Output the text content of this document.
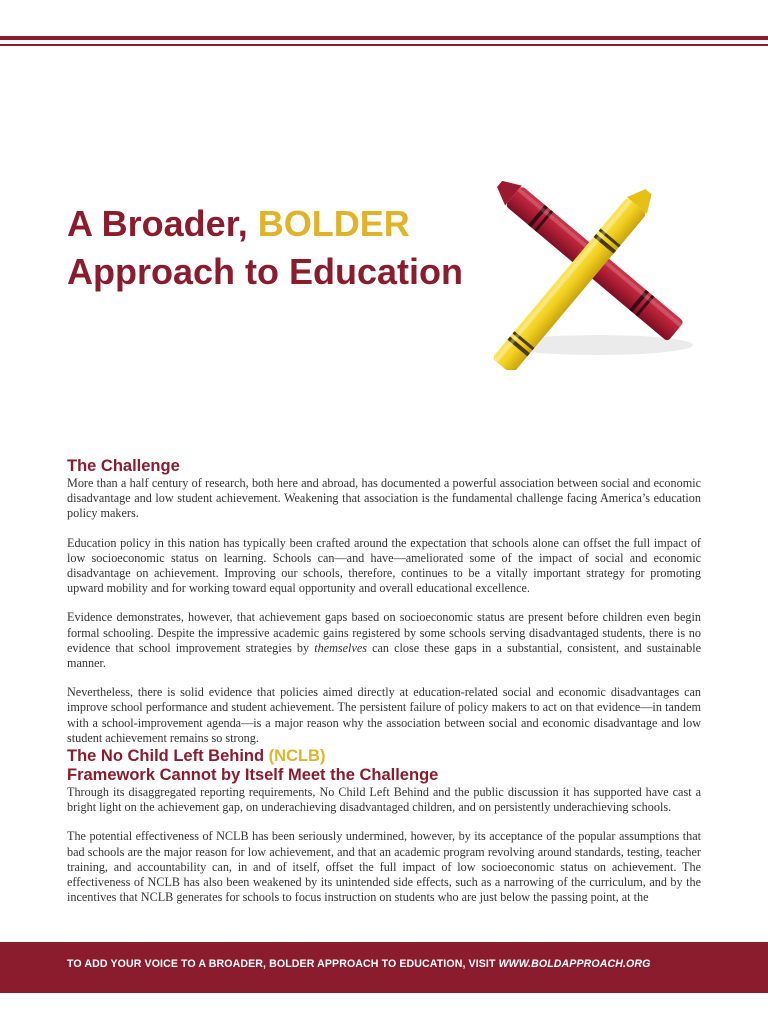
A Broader, BOLDER
Approach to Education
The Challenge

More than a half century of research, both here and abroad, has documented a powerful association between social and economic disadvantage and low student achievement. Weakening that association is the fundamental challenge facing America’s education policy makers.

Education policy in this nation has typically been crafted around the expectation that schools alone can offset the full impact of low socioeconomic status on learning. Schools can—and have—ameliorated some of the impact of social and economic disadvantage on achievement. Improving our schools, therefore, continues to be a vitally important strategy for promoting upward mobility and for working toward equal opportunity and overall educational excellence.

Evidence demonstrates, however, that achievement gaps based on socioeconomic status are present before children even begin formal schooling. Despite the impressive academic gains registered by some schools serving disadvantaged students, there is no evidence that school improvement strategies by themselves can close these gaps in a substantial, consistent, and sustainable manner.

Nevertheless, there is solid evidence that policies aimed directly at education-related social and economic disadvantages can improve school performance and student achievement. The persistent failure of policy makers to act on that evidence—in tandem with a school-improvement agenda—is a major reason why the association between social and economic disadvantage and low student achievement remains so strong.

The No Child Left Behind (NCLB)
Framework Cannot by Itself Meet the Challenge

Through its disaggregated reporting requirements, No Child Left Behind and the public discussion it has supported have cast a bright light on the achievement gap, on underachieving disadvantaged children, and on persistently underachieving schools.

The potential effectiveness of NCLB has been seriously undermined, however, by its acceptance of the popular assumptions that bad schools are the major reason for low achievement, and that an academic program revolving around standards, testing, teacher training, and accountability can, in and of itself, offset the full impact of low socioeconomic status on achievement. The effectiveness of NCLB has also been weakened by its unintended side effects, such as a narrowing of the curriculum, and by the incentives that NCLB generates for schools to focus instruction on students who are just below the passing point, at the

TO ADD YOUR VOICE TO A BROADER, BOLDER APPROACH TO EDUCATION, VISIT WWW.BOLDAPPROACH.ORG
